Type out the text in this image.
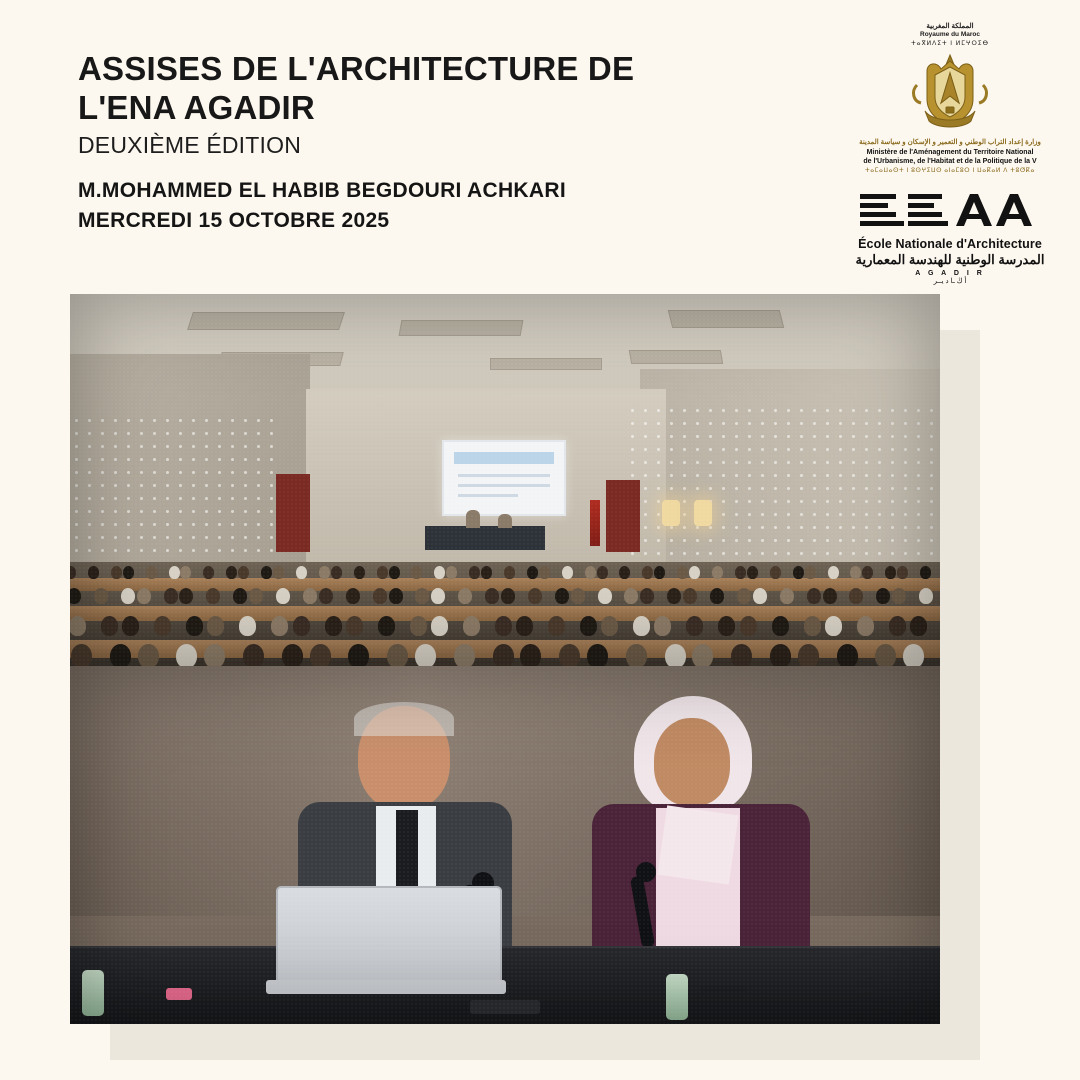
ASSISES DE L'ARCHITECTURE DE L'ENA AGADIR
DEUXIÈME ÉDITION
M.MOHAMMED EL HABIB BEGDOURI ACHKARI
MERCREDI 15 OCTOBRE 2025
المملكة المغربية
Royaume du Maroc
ⵜⴰⴳⵍⴷⵉⵜ ⵏ ⵍⵎⵖⵔⵉⴱ
وزارة إعداد التراب الوطني و التعمير و الإسكان و سياسة المدينة
Ministère de l'Aménagement du Territoire National
de l'Urbanisme, de l'Habitat et de la Politique de la V
ⵜⴰⵎⴰⵡⴰⵙⵜ ⵏ ⵓⵙⵖⵉⵡⵙ ⴰⵏⴰⵎⵓⵔ ⵏ ⵡⴰⴽⴰⵍ ⴷ ⵜⵓⵚⴽⴰ
École Nationale d'Architecture
المدرسة الوطنية للهندسة المعمارية
A G A D I R
أ ڭ ـا د يــر
